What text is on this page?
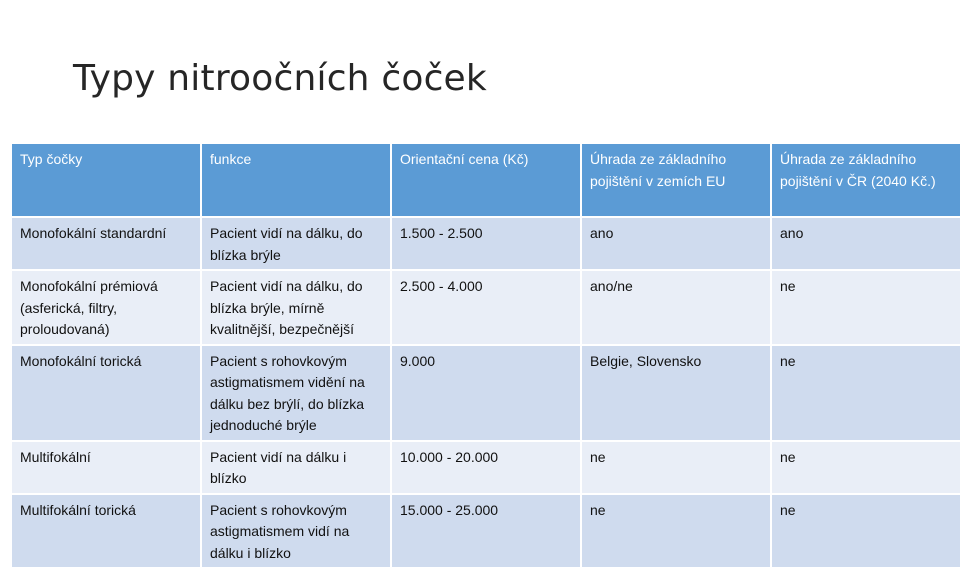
Typy nitroočních čoček
Typ čočky	funkce	Orientační cena (Kč)	Úhrada ze základního pojištění v zemích EU	Úhrada ze základního pojištění v ČR (2040 Kč.)
Monofokální standardní	Pacient vidí na dálku, do blízka brýle	1.500 - 2.500	ano	ano
Monofokální prémiová (asferická, filtry, proloudovaná)	Pacient vidí na dálku, do blízka brýle, mírně kvalitnější, bezpečnější	2.500 - 4.000	ano/ne	ne
Monofokální torická	Pacient s rohovkovým astigmatismem vidění na dálku bez brýlí, do blízka jednoduché brýle	9.000	Belgie, Slovensko	ne
Multifokální	Pacient vidí na dálku i blízko	10.000 - 20.000	ne	ne
Multifokální torická	Pacient s rohovkovým astigmatismem vidí na dálku i blízko	15.000 - 25.000	ne	ne
